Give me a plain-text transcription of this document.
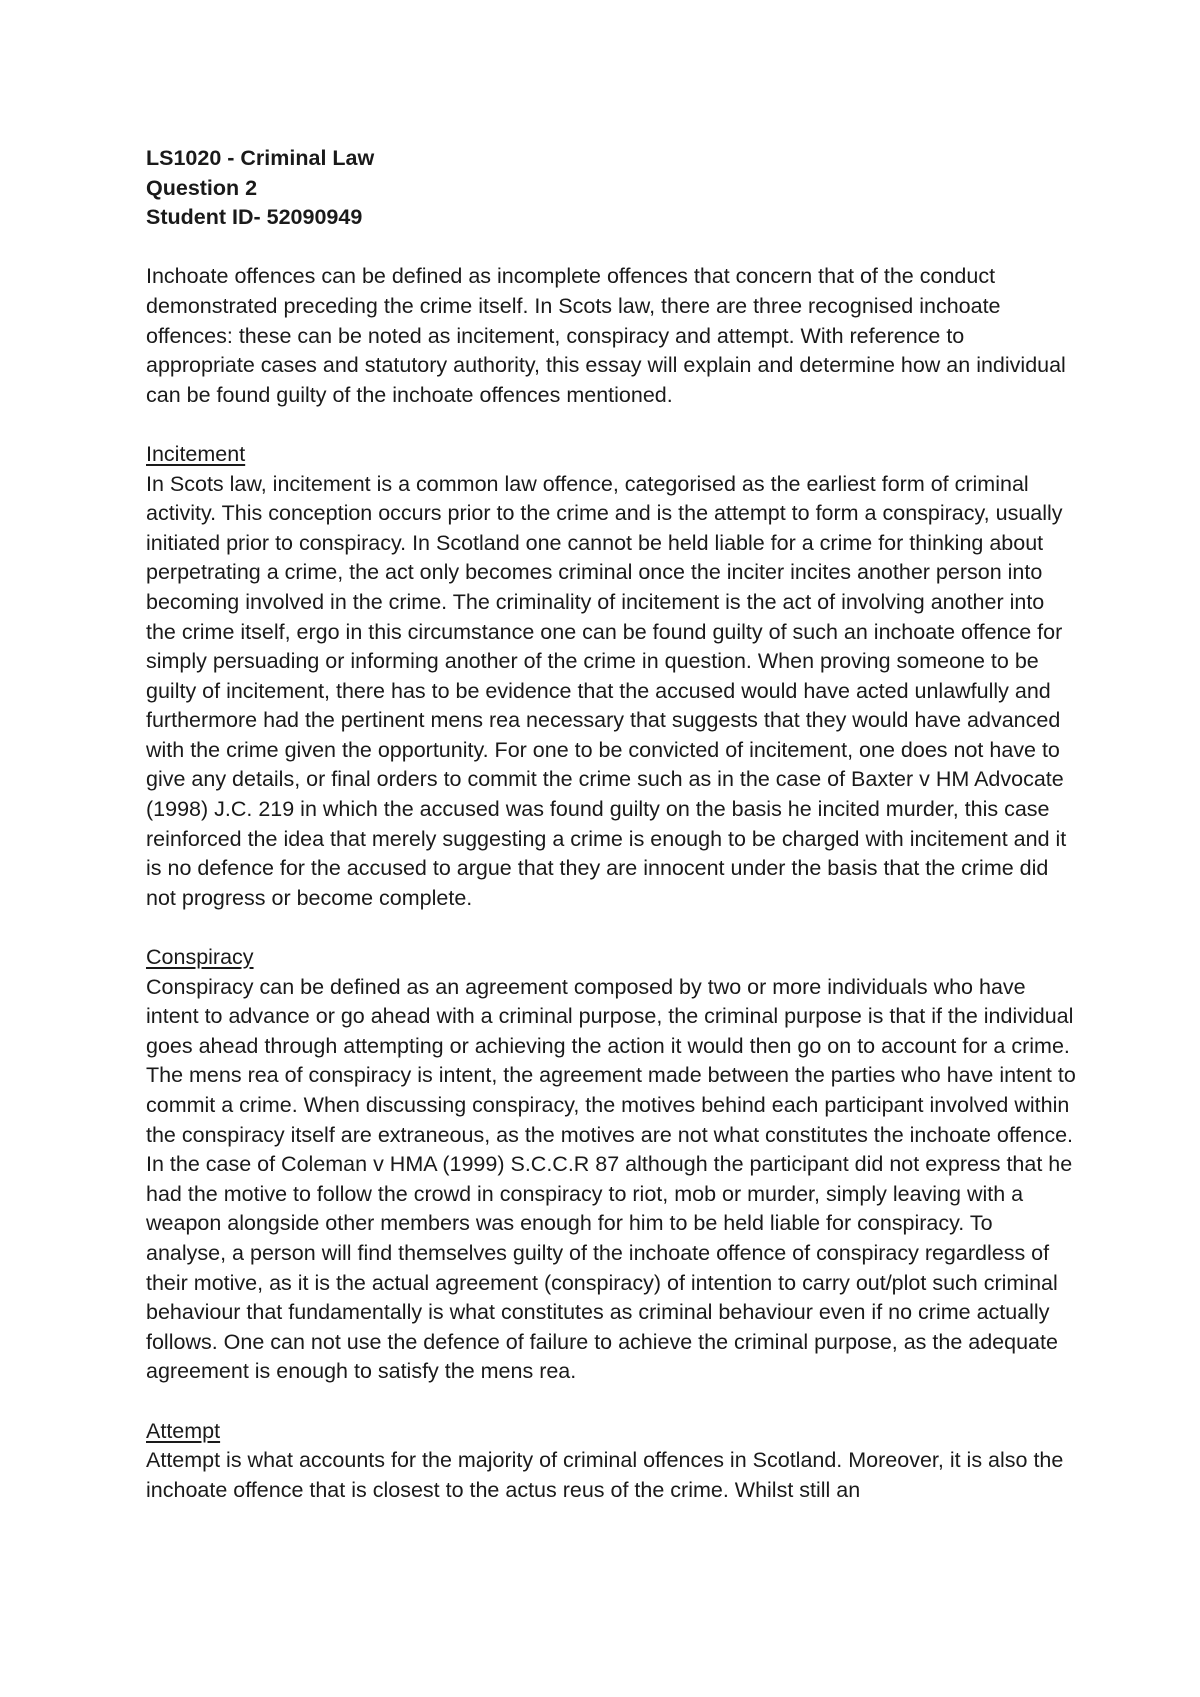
LS1020 - Criminal Law

Question 2

Student ID- 52090949

Inchoate offences can be defined as incomplete offences that concern that of the conduct demonstrated preceding the crime itself. In Scots law, there are three recognised inchoate offences: these can be noted as incitement, conspiracy and attempt. With reference to appropriate cases and statutory authority, this essay will explain and determine how an individual can be found guilty of the inchoate offences mentioned.

Incitement

In Scots law, incitement is a common law offence, categorised as the earliest form of criminal activity. This conception occurs prior to the crime and is the attempt to form a conspiracy, usually initiated prior to conspiracy. In Scotland one cannot be held liable for a crime for thinking about perpetrating a crime, the act only becomes criminal once the inciter incites another person into becoming involved in the crime. The criminality of incitement is the act of involving another into the crime itself, ergo in this circumstance one can be found guilty of such an inchoate offence for simply persuading or informing another of the crime in question. When proving someone to be guilty of incitement, there has to be evidence that the accused would have acted unlawfully and furthermore had the pertinent mens rea necessary that suggests that they would have advanced with the crime given the opportunity. For one to be convicted of incitement, one does not have to give any details, or final orders to commit the crime such as in the case of Baxter v HM Advocate (1998) J.C. 219 in which the accused was found guilty on the basis he incited murder, this case reinforced the idea that merely suggesting a crime is enough to be charged with incitement and it is no defence for the accused to argue that they are innocent under the basis that the crime did not progress or become complete.

Conspiracy

Conspiracy can be defined as an agreement composed by two or more individuals who have intent to advance or go ahead with a criminal purpose, the criminal purpose is that if the individual goes ahead through attempting or achieving the action it would then go on to account for a crime. The mens rea of conspiracy is intent, the agreement made between the parties who have intent to commit a crime. When discussing conspiracy, the motives behind each participant involved within the conspiracy itself are extraneous, as the motives are not what constitutes the inchoate offence. In the case of Coleman v HMA (1999) S.C.C.R 87 although the participant did not express that he had the motive to follow the crowd in conspiracy to riot, mob or murder, simply leaving with a weapon alongside other members was enough for him to be held liable for conspiracy. To analyse, a person will find themselves guilty of the inchoate offence of conspiracy regardless of their motive, as it is the actual agreement (conspiracy) of intention to carry out/plot such criminal behaviour that fundamentally is what constitutes as criminal behaviour even if no crime actually follows. One can not use the defence of failure to achieve the criminal purpose, as the adequate agreement is enough to satisfy the mens rea.

Attempt

Attempt is what accounts for the majority of criminal offences in Scotland. Moreover, it is also the inchoate offence that is closest to the actus reus of the crime. Whilst still an
